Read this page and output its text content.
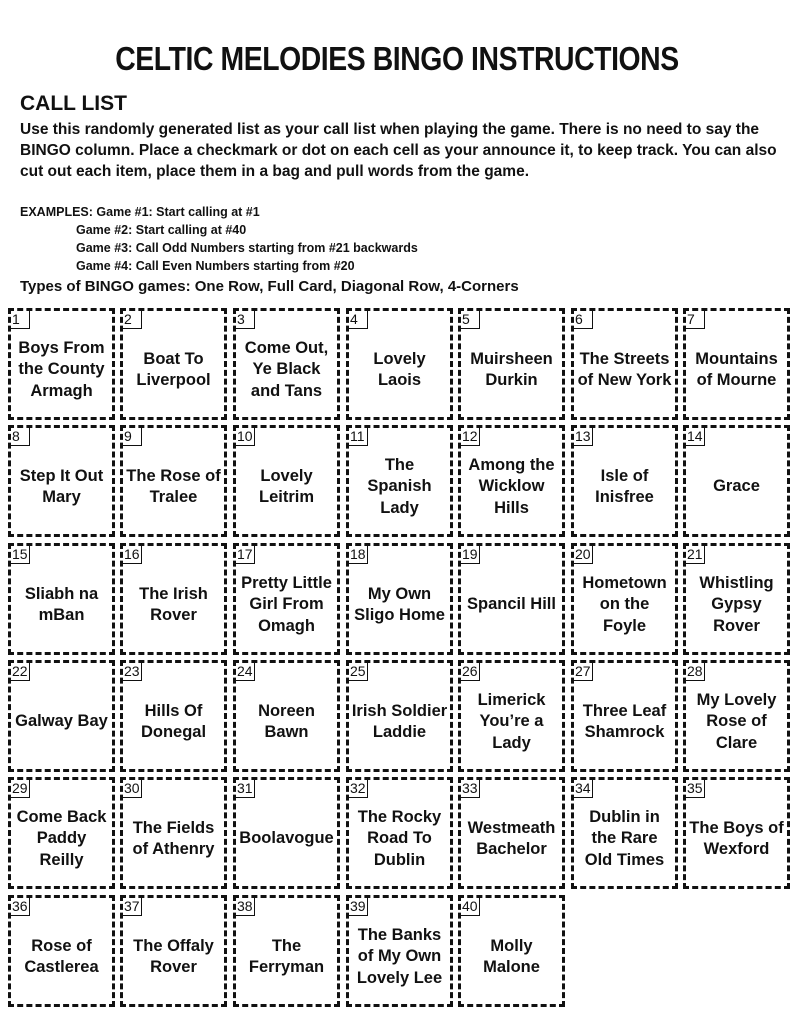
CELTIC MELODIES BINGO INSTRUCTIONS
CALL LIST
Use this randomly generated list as your call list when playing the game. There is no need to say the BINGO column. Place a checkmark or dot on each cell as your announce it, to keep track. You can also cut out each item, place them in a bag and pull words from the game.
EXAMPLES: Game #1: Start calling at #1
Game #2: Start calling at #40
Game #3: Call Odd Numbers starting from #21 backwards
Game #4: Call Even Numbers starting from #20
Types of BINGO games: One Row, Full Card, Diagonal Row, 4-Corners
1
Boys From the County Armagh
2
Boat To Liverpool
3
Come Out, Ye Black and Tans
4
Lovely Laois
5
Muirsheen Durkin
6
The Streets of New York
7
Mountains of Mourne
8
Step It Out Mary
9
The Rose of Tralee
10
Lovely Leitrim
11
The Spanish Lady
12
Among the Wicklow Hills
13
Isle of Inisfree
14
Grace
15
Sliabh na mBan
16
The Irish Rover
17
Pretty Little Girl From Omagh
18
My Own Sligo Home
19
Spancil Hill
20
Hometown on the Foyle
21
Whistling Gypsy Rover
22
Galway Bay
23
Hills Of Donegal
24
Noreen Bawn
25
Irish Soldier Laddie
26
Limerick You’re a Lady
27
Three Leaf Shamrock
28
My Lovely Rose of Clare
29
Come Back Paddy Reilly
30
The Fields of Athenry
31
Boolavogue
32
The Rocky Road To Dublin
33
Westmeath Bachelor
34
Dublin in the Rare Old Times
35
The Boys of Wexford
36
Rose of Castlerea
37
The Offaly Rover
38
The Ferryman
39
The Banks of My Own Lovely Lee
40
Molly Malone
